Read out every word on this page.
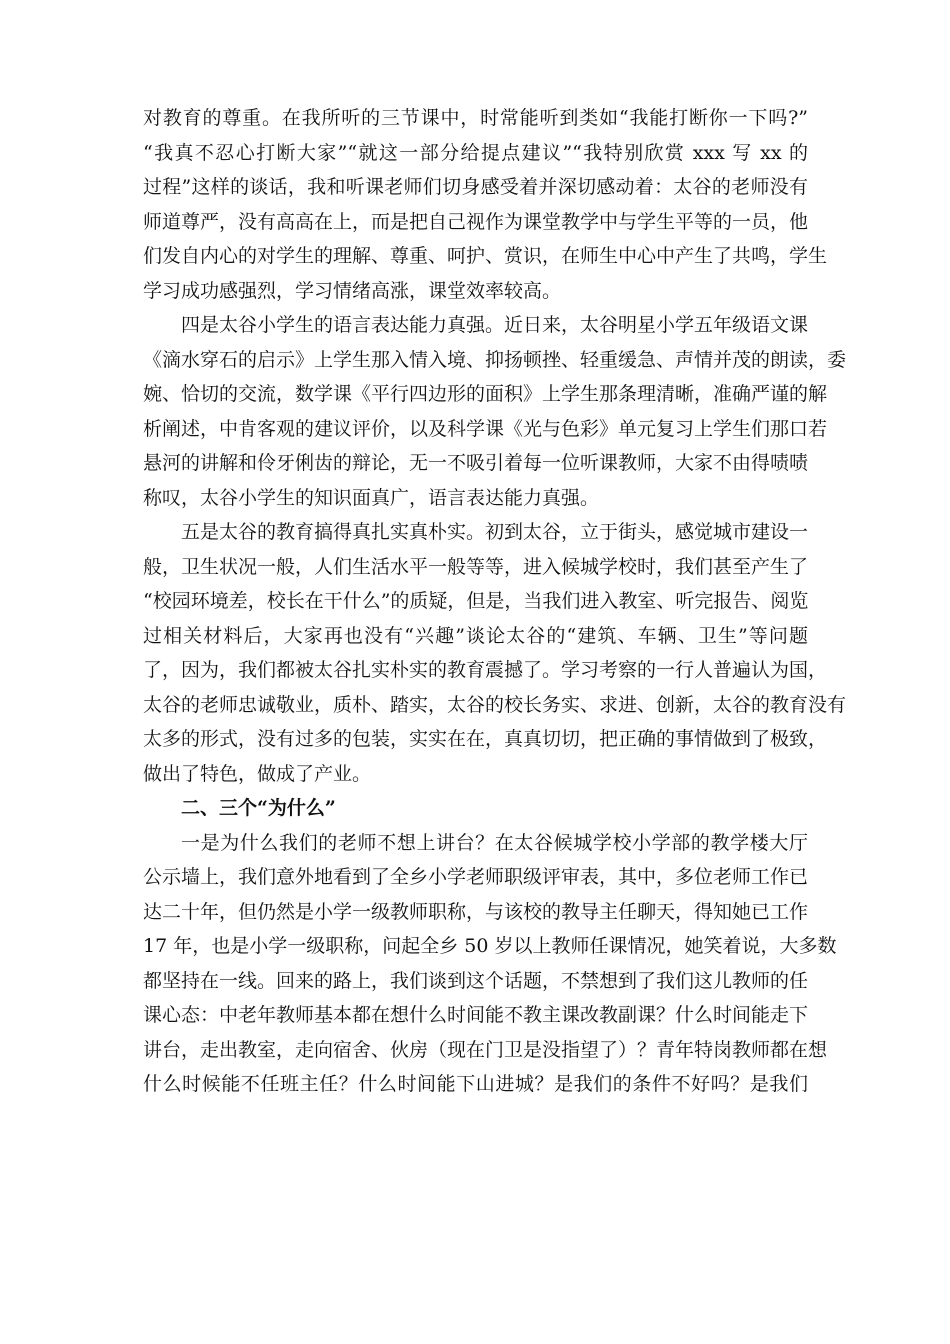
对教育的尊重。在我所听的三节课中，时常能听到类如“我能打断你一下吗?”
“我真不忍心打断大家”“就这一部分给提点建议”“我特别欣赏 xxx 写 xx 的
过程”这样的谈话，我和听课老师们切身感受着并深切感动着：太谷的老师没有
师道尊严，没有高高在上，而是把自己视作为课堂教学中与学生平等的一员，他
们发自内心的对学生的理解、尊重、呵护、赏识，在师生中心中产生了共鸣，学生
学习成功感强烈，学习情绪高涨，课堂效率较高。
四是太谷小学生的语言表达能力真强。近日来，太谷明星小学五年级语文课
《滴水穿石的启示》上学生那入情入境、抑扬顿挫、轻重缓急、声情并茂的朗读，委
婉、恰切的交流，数学课《平行四边形的面积》上学生那条理清晰，准确严谨的解
析阐述，中肯客观的建议评价，以及科学课《光与色彩》单元复习上学生们那口若
悬河的讲解和伶牙俐齿的辩论，无一不吸引着每一位听课教师，大家不由得啧啧
称叹，太谷小学生的知识面真广，语言表达能力真强。
五是太谷的教育搞得真扎实真朴实。初到太谷，立于街头，感觉城市建设一
般，卫生状况一般，人们生活水平一般等等，进入候城学校时，我们甚至产生了
“校园环境差，校长在干什么”的质疑，但是，当我们进入教室、听完报告、阅览
过相关材料后，大家再也没有“兴趣”谈论太谷的“建筑、车辆、卫生”等问题
了，因为，我们都被太谷扎实朴实的教育震撼了。学习考察的一行人普遍认为国，
太谷的老师忠诚敬业，质朴、踏实，太谷的校长务实、求进、创新，太谷的教育没有
太多的形式，没有过多的包装，实实在在，真真切切，把正确的事情做到了极致，
做出了特色，做成了产业。
二、三个“为什么”
一是为什么我们的老师不想上讲台？在太谷候城学校小学部的教学楼大厅
公示墙上，我们意外地看到了全乡小学老师职级评审表，其中，多位老师工作已
达二十年，但仍然是小学一级教师职称，与该校的教导主任聊天，得知她已工作
17 年，也是小学一级职称，问起全乡 50 岁以上教师任课情况，她笑着说，大多数
都坚持在一线。回来的路上，我们谈到这个话题，不禁想到了我们这儿教师的任
课心态：中老年教师基本都在想什么时间能不教主课改教副课？什么时间能走下
讲台，走出教室，走向宿舍、伙房（现在门卫是没指望了）？青年特岗教师都在想
什么时候能不任班主任？什么时间能下山进城？是我们的条件不好吗？是我们
